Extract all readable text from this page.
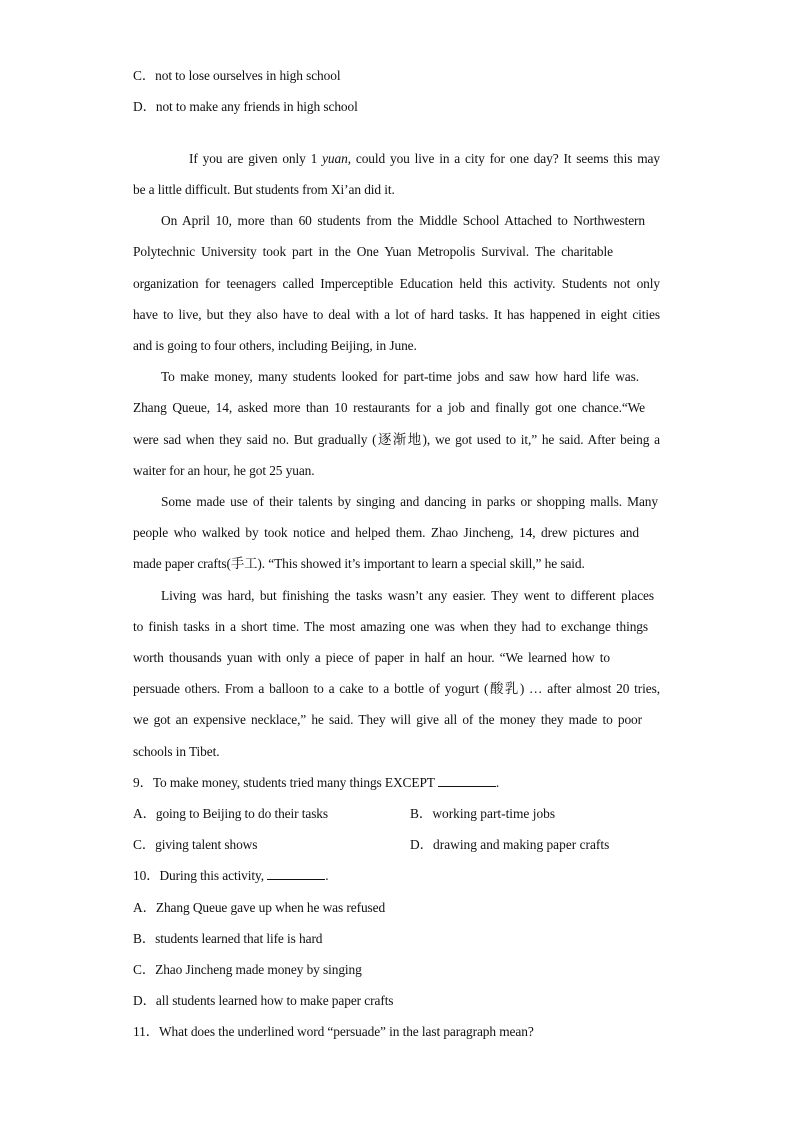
C．not to lose ourselves in high school
D．not to make any friends in high school
If you are given only 1 yuan, could you live in a city for one day? It seems this may
be a little difficult. But students from Xi’an did it.
On April 10, more than 60 students from the Middle School Attached to Northwestern
Polytechnic University took part in the One Yuan Metropolis Survival. The charitable
organization for teenagers called Imperceptible Education held this activity. Students not only
have to live, but they also have to deal with a lot of hard tasks. It has happened in eight cities
and is going to four others, including Beijing, in June.
To make money, many students looked for part-time jobs and saw how hard life was.
Zhang Queue, 14, asked more than 10 restaurants for a job and finally got one chance.“We
were sad when they said no. But gradually (逐渐地), we got used to it,” he said. After being a
waiter for an hour, he got 25 yuan.
Some made use of their talents by singing and dancing in parks or shopping malls. Many
people who walked by took notice and helped them. Zhao Jincheng, 14, drew pictures and
made paper crafts(手工). “This showed it’s important to learn a special skill,” he said.
Living was hard, but finishing the tasks wasn’t any easier. They went to different places
to finish tasks in a short time. The most amazing one was when they had to exchange things
worth thousands yuan with only a piece of paper in half an hour. “We learned how to
persuade others. From a balloon to a cake to a bottle of yogurt (酸乳) … after almost 20 tries,
we got an expensive necklace,” he said. They will give all of the money they made to poor
schools in Tibet.
9．To make money, students tried many things EXCEPT	.
A．going to Beijing to do their tasks	B．working part-time jobs
C．giving talent shows	D．drawing and making paper crafts
10．During this activity,	.
A．Zhang Queue gave up when he was refused
B．students learned that life is hard
C．Zhao Jincheng made money by singing
D．all students learned how to make paper crafts
11．What does the underlined word “persuade” in the last paragraph mean?
